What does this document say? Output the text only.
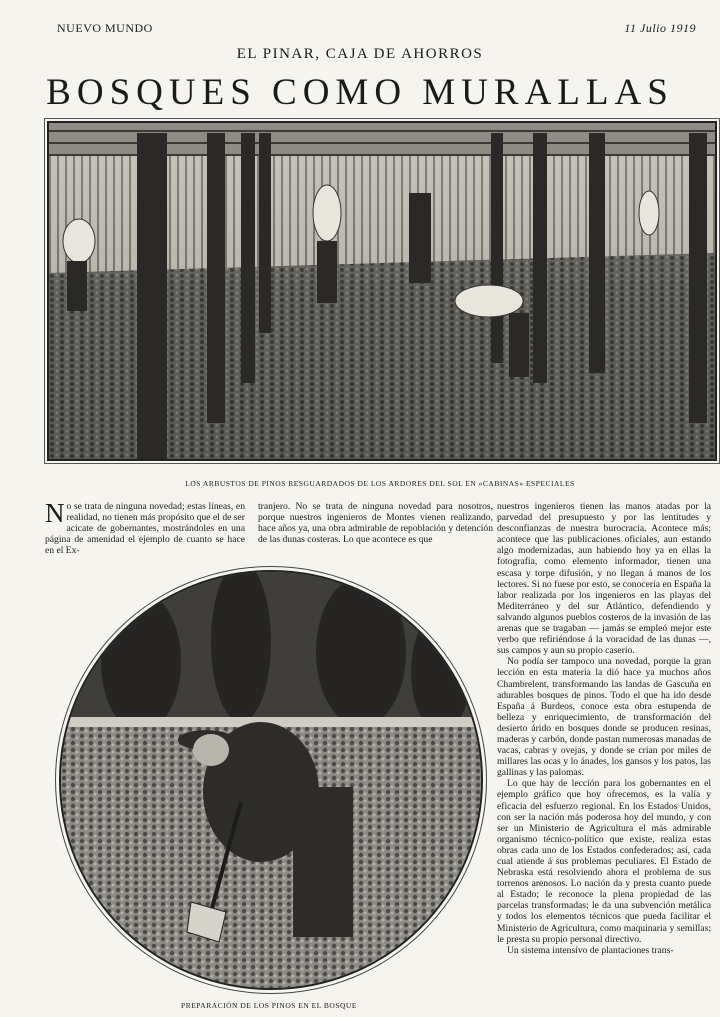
NUEVO MUNDO	11 Julio 1919
EL PINAR, CAJA DE AHORROS
BOSQUES COMO MURALLAS
LOS ARBUSTOS DE PINOS RESGUARDADOS DE LOS ARDORES DEL SOL EN «CABINAS» ESPECIALES
No se trata de ninguna novedad; estas líneas, en realidad, no tienen más propósito que el de ser acicate de gobernantes, mostrándoles en una página de amenidad el ejemplo de cuanto se hace en el Ex-
tranjero. No se trata de ninguna novedad para nosotros, porque nuestros ingenieros de Montes vienen realizando, hace años ya, una obra admirable de repoblación y detención de las dunas costeras. Lo que acontece es que
PREPARACIÓN DE LOS PINOS EN EL BOSQUE

nuestros ingenieros tienen las manos atadas por la parvedad del presupuesto y por las lentitudes y desconfianzas de nuestra burocracia. Acontece más; acontece que las publicaciones oficiales, aun estando algo modernizadas, aun habiendo hoy ya en ellas la fotografía, como elemento informador, tienen una escasa y torpe difusión, y no llegan á manos de los lectores. Si no fuese por esto, se conocería en España la labor realizada por los ingenieros en las playas del Mediterráneo y del sur Atlántico, defendiendo y salvando algunos pueblos costeros de la invasión de las arenas que se tragaban — jamás se empleó mejor este verbo que refiriéndose á la voracidad de las dunas —, sus campos y aun su propio caserío.

No podía ser tampoco una novedad, porque la gran lección en esta materia la dió hace ya muchos años Chambrelent, transformando las landas de Gascuña en adurables bosques de pinos. Todo el que ha ido desde España á Burdeos, conoce esta obra estupenda de belleza y enriquecimiento, de transformación del desierto árido en bosques donde se producen resinas, maderas y carbón, donde pastan numerosas manadas de vacas, cabras y ovejas, y donde se crían por miles de millares las ocas y lo ánades, los gansos y los patos, las gallinas y las palomas.

Lo que hay de lección para los gobernantes en el ejemplo gráfico que hoy ofrecemos, es la valía y eficacia del esfuerzo regional. En los Estados Unidos, con ser la nación más poderosa hoy del mundo, y con ser un Ministerio de Agricultura el más admirable organismo técnico-político que existe, realiza estas obras cada uno de los Estados confederados; así, cada cual atiende á sus problemas peculiares. El Estado de Nebraska está resolviendo ahora el problema de sus torrenos arenosos. Lo nación da y presta cuanto puede al Estado; le reconoce la plena propiedad de las parcelas transformadas; le da una subvención metálica y todos los elementos técnicos que pueda facilitar el Ministerio de Agricultura, como maquinaria y semillas; le presta su propio personal directivo.

Un sistema intensivo de plantaciones trans-
